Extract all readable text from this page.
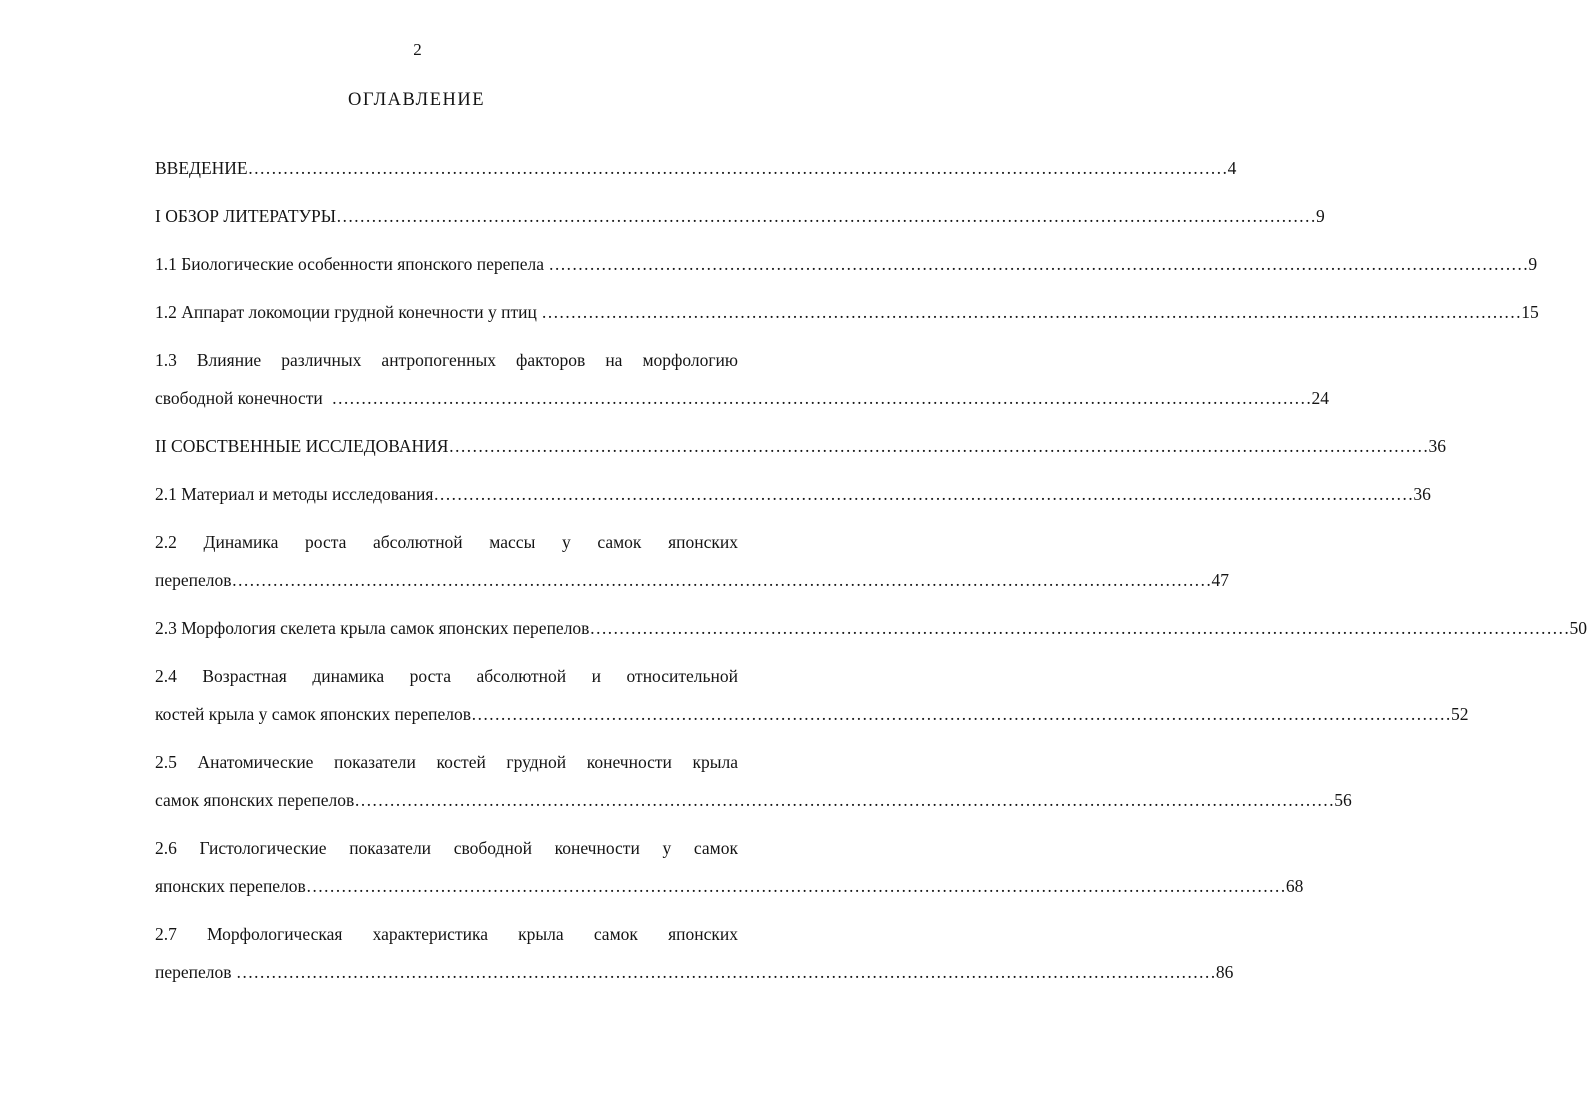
2
ОГЛАВЛЕНИЕ
ВВЕДЕНИЕ …………………………………………………………………………………………………………………………………………………… 4
I ОБЗОР ЛИТЕРАТУРЫ …………………………………………………………………………………………………………………………………………………… 9
1.1 Биологические особенности японского перепела …………………………………………………………………………………………………………………………………………………… 9
1.2 Аппарат локомоции грудной конечности у птиц …………………………………………………………………………………………………………………………………………………… 15
1.3 Влияние различных антропогенных факторов на морфологию
свободной конечности …………………………………………………………………………………………………………………………………………………… 24
II СОБСТВЕННЫЕ ИССЛЕДОВАНИЯ …………………………………………………………………………………………………………………………………………………… 36
2.1 Материал и методы исследования …………………………………………………………………………………………………………………………………………………… 36
2.2 Динамика роста абсолютной массы у самок японских
перепелов …………………………………………………………………………………………………………………………………………………… 47
2.3 Морфология скелета крыла самок японских перепелов …………………………………………………………………………………………………………………………………………………… 50
2.4 Возрастная динамика роста абсолютной и относительной
костей крыла у самок японских перепелов …………………………………………………………………………………………………………………………………………………… 52
2.5 Анатомические показатели костей грудной конечности крыла
самок японских перепелов …………………………………………………………………………………………………………………………………………………… 56
2.6 Гистологические показатели свободной конечности у самок
японских перепелов …………………………………………………………………………………………………………………………………………………… 68
2.7 Морфологическая характеристика крыла самок японских
перепелов …………………………………………………………………………………………………………………………………………………… 86
